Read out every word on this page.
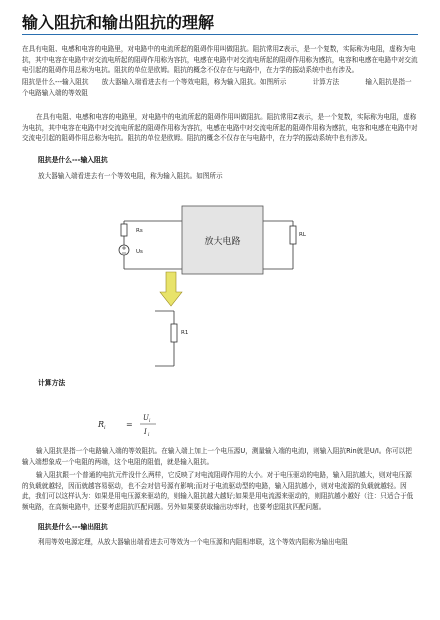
输入阻抗和输出阻抗的理解

在具有电阻、电感和电容的电路里，对电路中的电流所起的阻碍作用叫做阻抗。阻抗常用Z表示，是一个复数，实际称为电阻，虚称为电抗，其中电容在电路中对交流电所起的阻碍作用称为容抗，电感在电路中对交流电所起的阻碍作用称为感抗，电容和电感在电路中对交流电引起的阻碍作用总称为电抗。阻抗的单位是欧姆。阻抗的概念不仅存在与电路中，在力学的振动系统中也有涉及。

阻抗是什么---输入阻抗　　放大器输入端看进去有一个等效电阻，称为输入阻抗。如图所示　　　　计算方法　　　　输入阻抗是指一个电路输入端的等效阻

在具有电阻、电感和电容的电路里，对电路中的电流所起的阻碍作用叫做阻抗。阻抗常用Z表示，是一个复数，实际称为电阻，虚称为电抗，其中电容在电路中对交流电所起的阻碍作用称为容抗，电感在电路中对交流电所起的阻碍作用称为感抗，电容和电感在电路中对交流电引起的阻碍作用总称为电抗。阻抗的单位是欧姆。阻抗的概念不仅存在与电路中，在力学的振动系统中也有涉及。

阻抗是什么---输入阻抗

放大器输入端看进去有一个等效电阻，称为输入阻抗。如图所示

放大电路
Rs
Us
RL
R1

计算方法

R i	=
U i
I i

输入阻抗是指一个电路输入端的等效阻抗。在输入端上加上一个电压源U，测量输入端的电流I，则输入阻抗Rin就是U/I。你可以把输入端想象成一个电阻的两端，这个电阻的阻值，就是输入阻抗。

输入阻抗跟一个普通的电抗元件没什么两样，它反映了对电流阻碍作用的大小。对于电压驱动的电路，输入阻抗越大，则对电压源的负载就越轻，因而就越容易驱动，也不会对信号源有影响;而对于电流驱动型的电路，输入阻抗越小，则对电流源的负载就越轻。因此，我们可以这样认为：如果是用电压源来驱动的，则输入阻抗越大越好;如果是用电流源来驱动的，则阻抗越小越好（注：只适合于低频电路，在高频电路中，还要考虑阻抗匹配问题。另外如果要获取输出功率时，也要考虑阻抗匹配问题。

阻抗是什么---输出阻抗

利用等效电源定理，从放大器输出端看进去可等效为一个电压源和内阻相串联，这个等效内阻称为输出电阻
